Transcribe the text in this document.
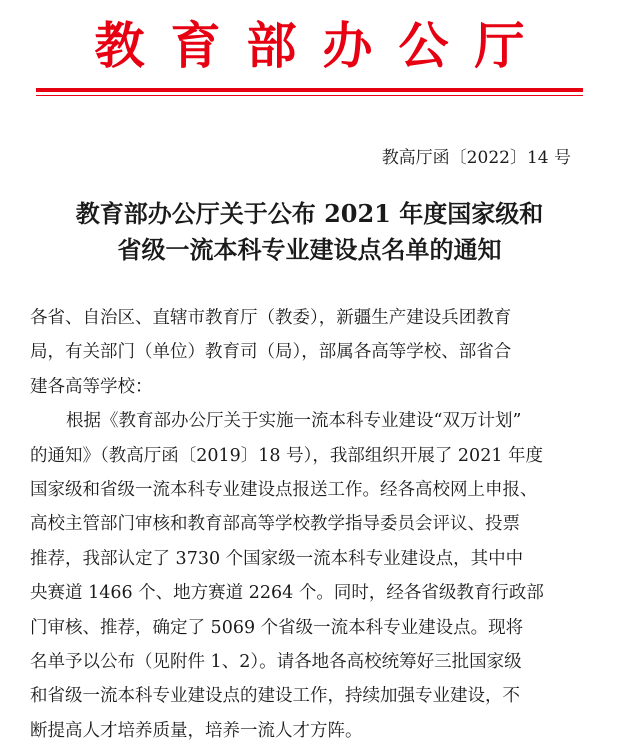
教育部办公厅
教高厅函〔2022〕14 号
教育部办公厅关于公布 2021 年度国家级和
省级一流本科专业建设点名单的通知
各省、自治区、直辖市教育厅（教委），新疆生产建设兵团教育
局，有关部门（单位）教育司（局），部属各高等学校、部省合
建各高等学校：
根据《教育部办公厅关于实施一流本科专业建设“双万计划”
的通知》（教高厅函〔2019〕18 号），我部组织开展了 2021 年度
国家级和省级一流本科专业建设点报送工作。经各高校网上申报、
高校主管部门审核和教育部高等学校教学指导委员会评议、投票
推荐，我部认定了 3730 个国家级一流本科专业建设点，其中中
央赛道 1466 个、地方赛道 2264 个。同时，经各省级教育行政部
门审核、推荐，确定了 5069 个省级一流本科专业建设点。现将
名单予以公布（见附件 1、2）。请各地各高校统筹好三批国家级
和省级一流本科专业建设点的建设工作，持续加强专业建设，不
断提高人才培养质量，培养一流人才方阵。
